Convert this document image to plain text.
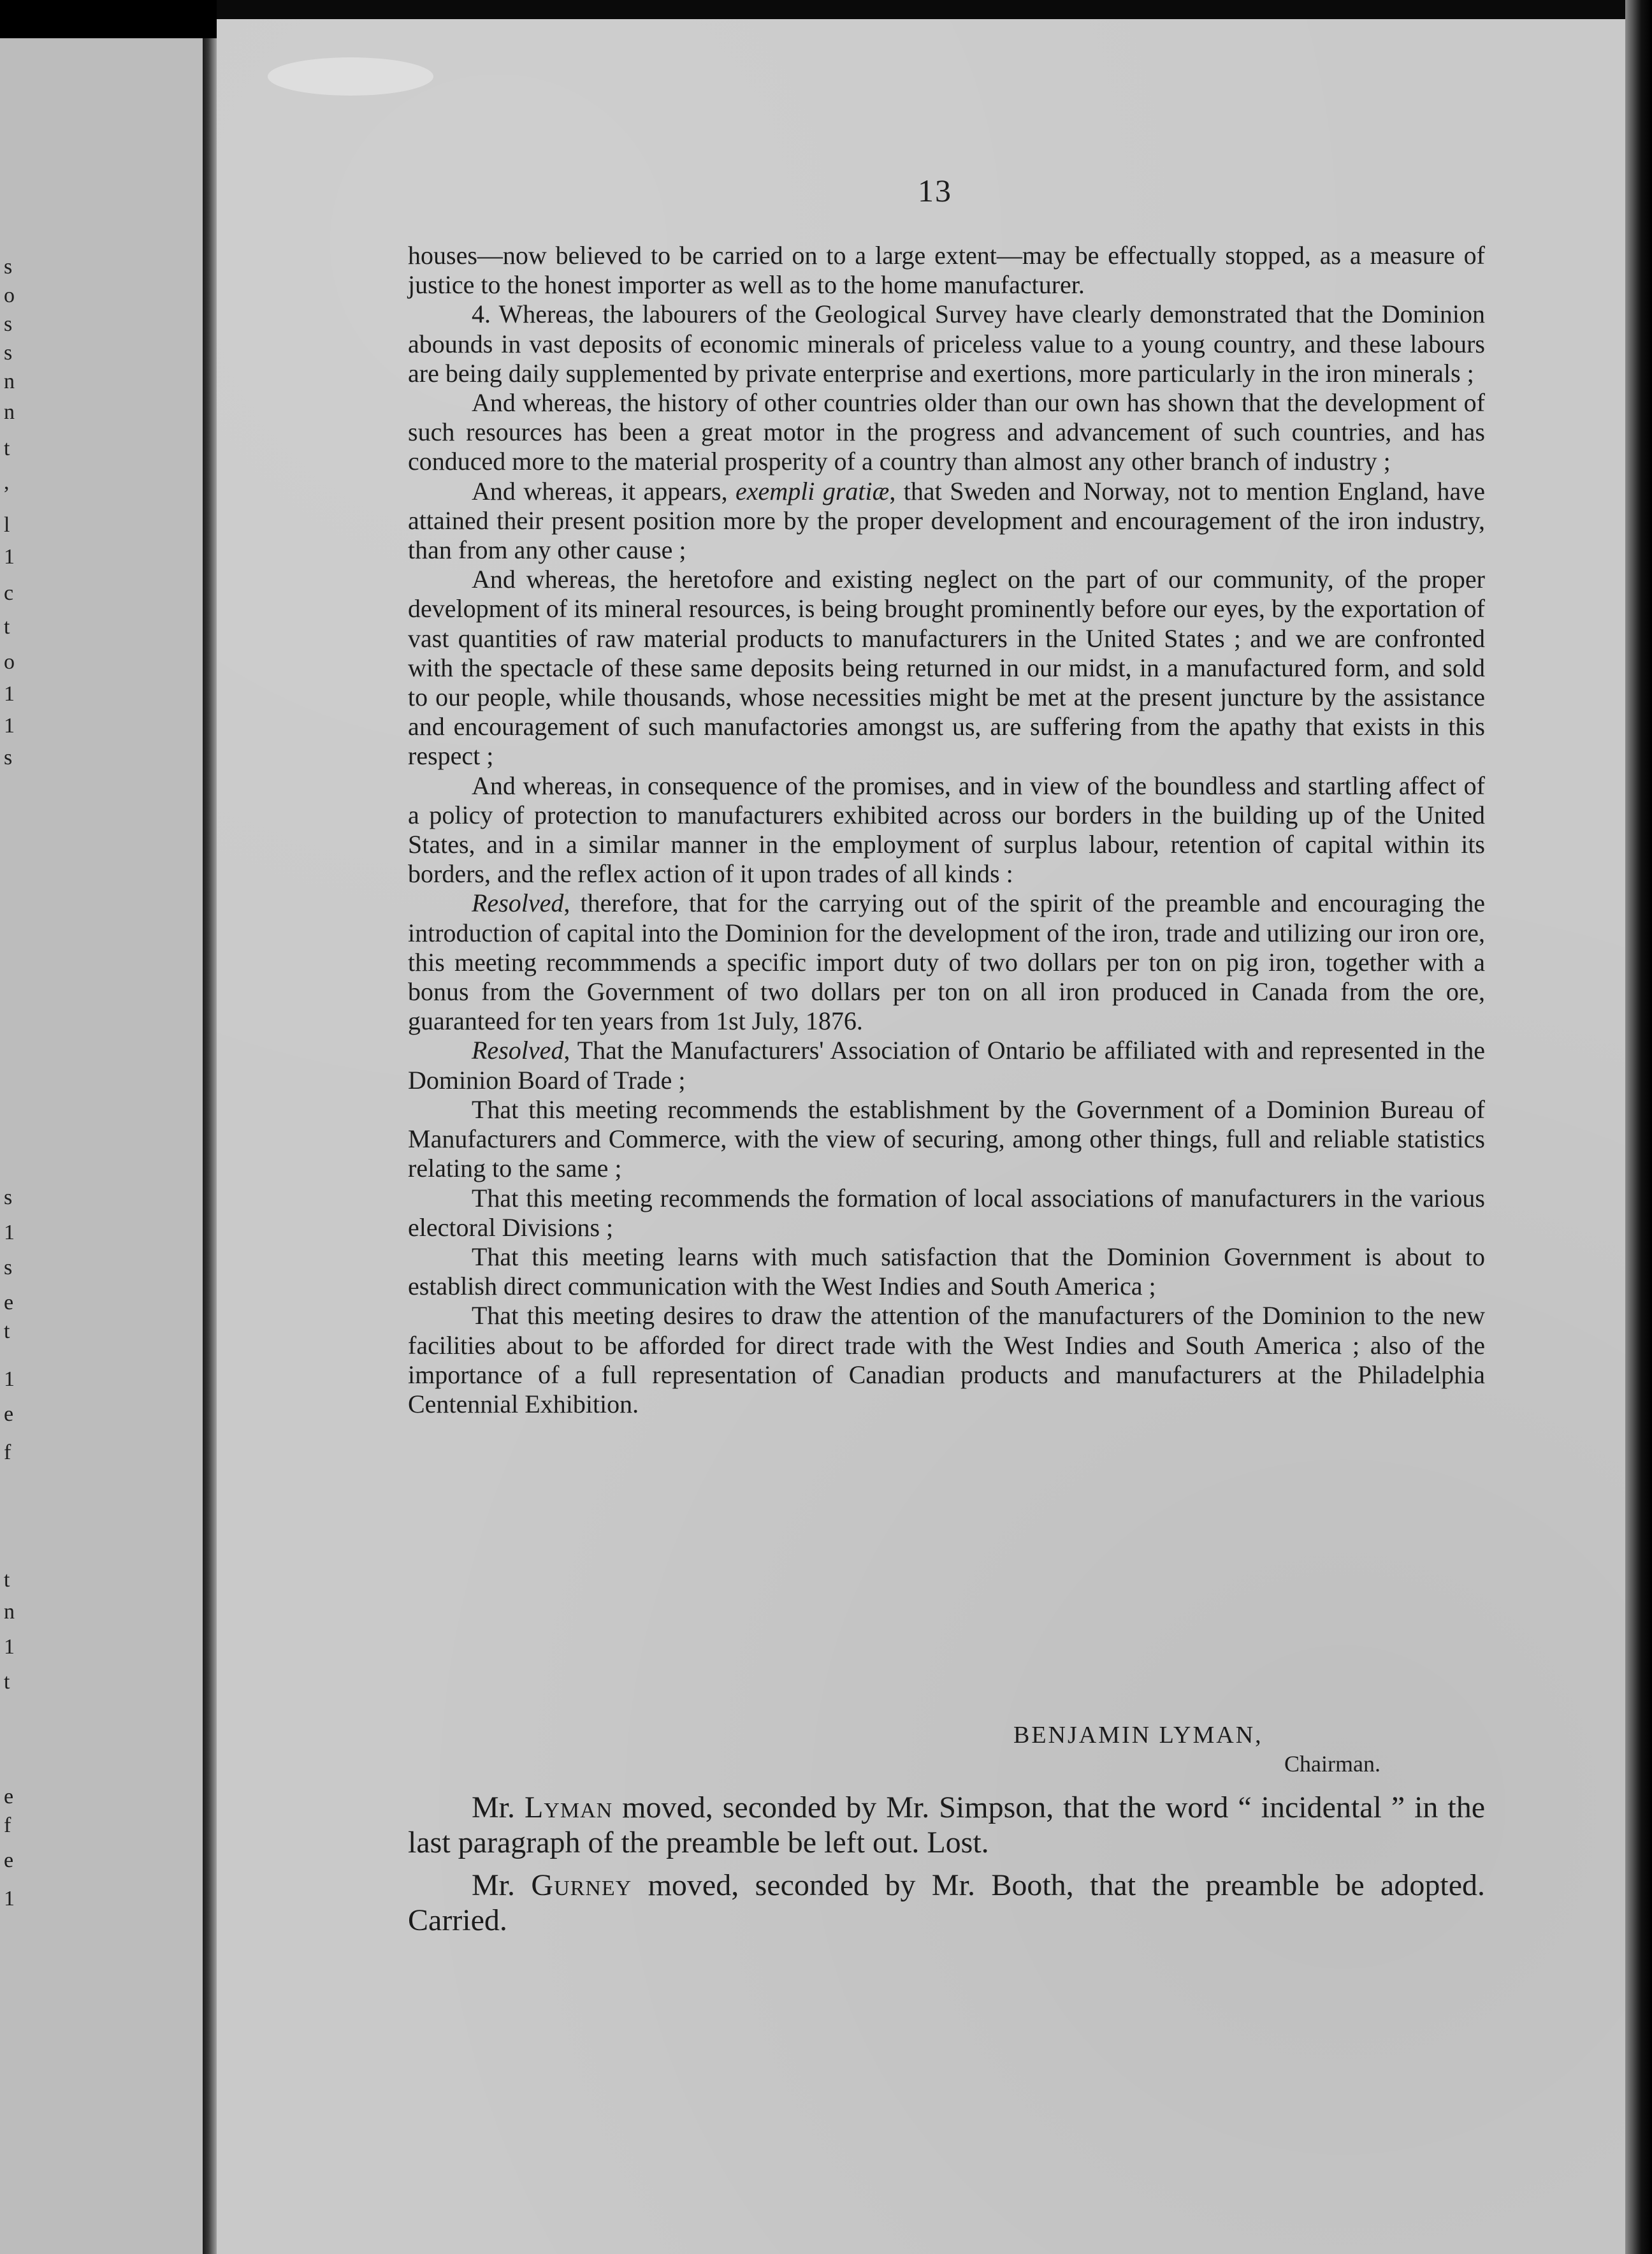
s
o
s
s
n
n
t
,
l
1
c
t
o
1
1
s
s
1
s
e
t
1
e
f
t
n
1
t
e
f
e
1
13

houses—now believed to be carried on to a large extent—may be effectually stopped, as a measure of justice to the honest importer as well as to the home manufacturer.

4. Whereas, the labourers of the Geological Survey have clearly demonstrated that the Dominion abounds in vast deposits of economic minerals of priceless value to a young country, and these labours are being daily supplemented by private enterprise and exertions, more particularly in the iron minerals ;

And whereas, the history of other countries older than our own has shown that the development of such resources has been a great motor in the progress and advancement of such countries, and has conduced more to the material prosperity of a country than almost any other branch of industry ;

And whereas, it appears, exempli gratiæ, that Sweden and Norway, not to mention England, have attained their present position more by the proper development and encouragement of the iron industry, than from any other cause ;

And whereas, the heretofore and existing neglect on the part of our community, of the proper development of its mineral resources, is being brought prominently before our eyes, by the exportation of vast quantities of raw material products to manufacturers in the United States ; and we are confronted with the spectacle of these same deposits being returned in our midst, in a manufactured form, and sold to our people, while thousands, whose necessities might be met at the present juncture by the assistance and encouragement of such manufactories amongst us, are suffering from the apathy that exists in this respect ;

And whereas, in consequence of the promises, and in view of the boundless and startling affect of a policy of protection to manufacturers exhibited across our borders in the building up of the United States, and in a similar manner in the employment of surplus labour, retention of capital within its borders, and the reflex action of it upon trades of all kinds :

Resolved, therefore, that for the carrying out of the spirit of the preamble and encouraging the introduction of capital into the Dominion for the development of the iron, trade and utilizing our iron ore, this meeting recommmends a specific import duty of two dollars per ton on pig iron, together with a bonus from the Government of two dollars per ton on all iron produced in Canada from the ore, guaranteed for ten years from 1st July, 1876.

Resolved, That the Manufacturers' Association of Ontario be affiliated with and represented in the Dominion Board of Trade ;

That this meeting recommends the establishment by the Government of a Dominion Bureau of Manufacturers and Commerce, with the view of securing, among other things, full and reliable statistics relating to the same ;

That this meeting recommends the formation of local associations of manufacturers in the various electoral Divisions ;

That this meeting learns with much satisfaction that the Dominion Government is about to establish direct communication with the West Indies and South America ;

That this meeting desires to draw the attention of the manufacturers of the Dominion to the new facilities about to be afforded for direct trade with the West Indies and South America ; also of the importance of a full representation of Canadian products and manufacturers at the Philadelphia Centennial Exhibition.

BENJAMIN LYMAN,
Chairman.

Mr. Lyman moved, seconded by Mr. Simpson, that the word “ incidental ” in the last paragraph of the preamble be left out. Lost.

Mr. Gurney moved, seconded by Mr. Booth, that the preamble be adopted. Carried.
